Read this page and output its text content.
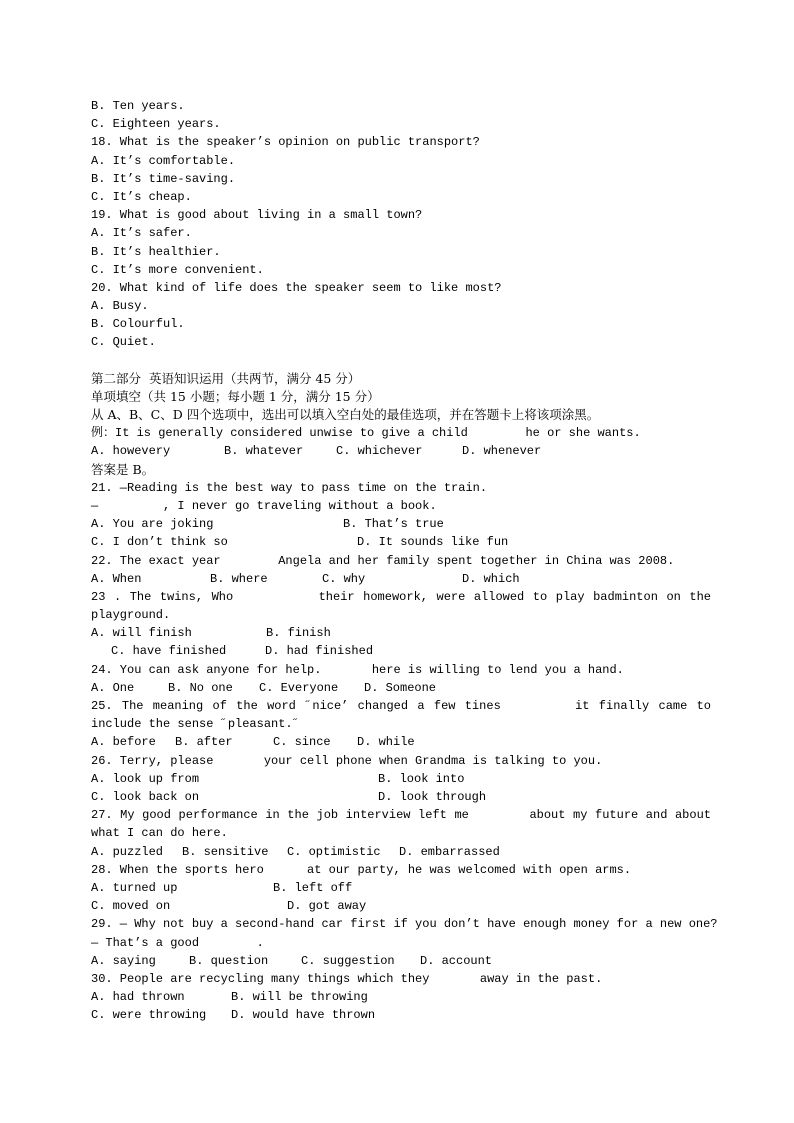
B. Ten years.
C. Eighteen years.
18. What is the speaker’s opinion on public transport?
A. It’s comfortable.
B. It’s time-saving.
C. It’s cheap.
19. What is good about living in a small town?
A. It’s safer.
B. It’s healthier.
C. It’s more convenient.
20. What kind of life does the speaker seem to like most?
A. Busy.
B. Colourful.
C. Quiet.
第二部分  英语知识运用（共两节，满分 45 分）
单项填空（共 15 小题；每小题 1 分，满分 15 分）
从 A、B、C、D 四个选项中，选出可以填入空白处的最佳选项，并在答题卡上将该项涂黑。
例：It is generally considered unwise to give a child        he or she wants.
A. howevery	B. whatever	C. whichever	D. whenever
答案是 B。
21. —Reading is the best way to pass time on the train.
—         , I never go traveling without a book.
A. You are joking	B. That’s true
C. I don’t think so	D. It sounds like fun
22. The exact year        Angela and her family spent together in China was 2008.
A. When	B. where	C. why	D. which
23 . The twins, Who          their homework, were allowed to play badminton on the playground.
A. will finish	B. finish
C. have finished	D. had finished
24. You can ask anyone for help.       here is willing to lend you a hand.
A. One	B. No one	C. Everyone	D. Someone
25. The meaning of the word ˝nice’ changed a few tines        it finally came to include the sense ˝pleasant.˝
A. before	B. after	C. since	D. while
26. Terry, please       your cell phone when Grandma is talking to you.
A. look up from	B. look into
C. look back on	D. look through
27. My good performance in the job interview left me        about my future and about what I can do here.
A. puzzled	B. sensitive	C. optimistic	D. embarrassed
28. When the sports hero      at our party, he was welcomed with open arms.
A. turned up	B. left off
C. moved on	D. got away
29. — Why not buy a second-hand car first if you don’t have enough money for a new one?
— That’s a good        .
A. saying	B. question	C. suggestion	D. account
30. People are recycling many things which they       away in the past.
A. had thrown	B. will be throwing
C. were throwing	D. would have thrown
